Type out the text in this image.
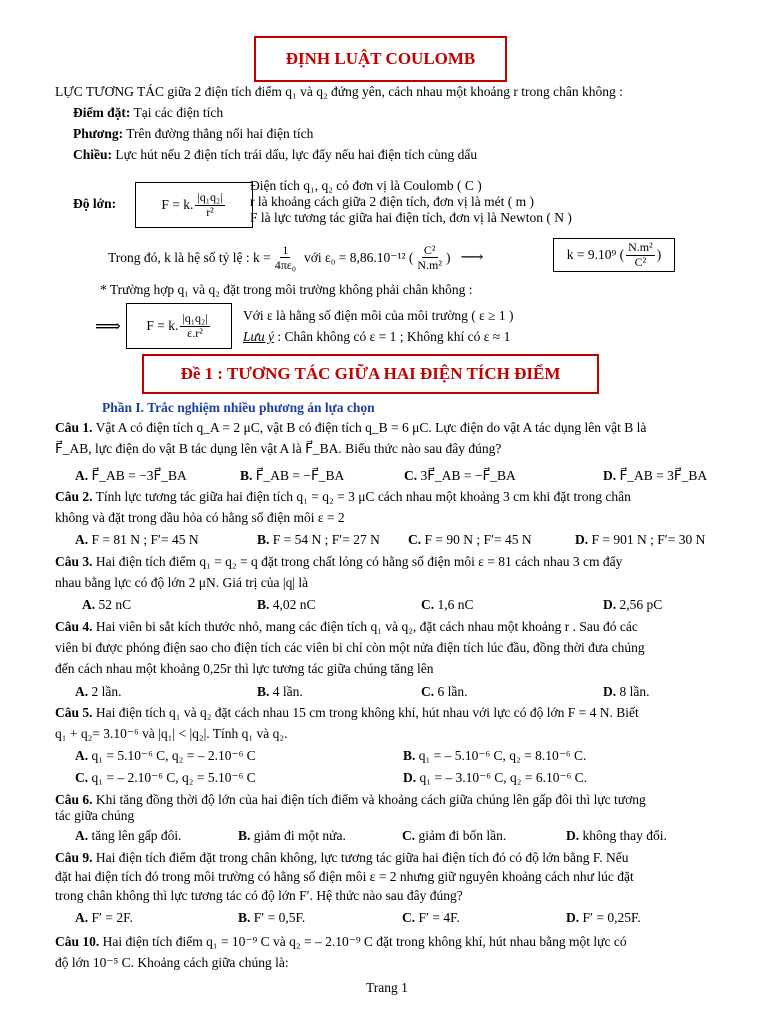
ĐỊNH LUẬT COULOMB
LỰC TƯƠNG TÁC giữa 2 điện tích điểm q₁ và q₂ đứng yên, cách nhau một khoảng r trong chân không :
Điểm đặt: Tại các điện tích
Phương: Trên đường thẳng nối hai điện tích
Chiều: Lực hút nếu 2 điện tích trái dấu, lực đẩy nếu hai điện tích cùng dấu
Độ lớn:	F = k. $\frac{\text{|q₁q₂|}}{\text{r²}}$
Điện tích q₁, q₂ có đơn vị là Coulomb ( C )
r là khoảng cách giữa 2 điện tích, đơn vị là mét ( m )
F là lực tương tác giữa hai điện tích, đơn vị là Newton ( N )
Trong đó, k là hệ số tỷ lệ : $k = \frac{1}{\text{4πε₀}}$ với ε₀ = 8,86.10⁻¹² ( $\frac{\text{C²}}{\text{N.m²}}$ ) ⟶	k = 9.10⁹ ( $\frac{\text{N.m²}}{\text{C²}}$ )
* Trường hợp q₁ và q₂ đặt trong môi trường không phải chân không :
⟹ F = k. $\frac{\text{|q₁q₂|}}{\text{ε.r²}}$ Với ε là hằng số điện môi của môi trường ( ε ≥ 1 )
Lưu ý : Chân không có ε = 1 ; Không khí có ε ≈ 1
Đề 1 : TƯƠNG TÁC GIỮA HAI ĐIỆN TÍCH ĐIỂM
Phần I. Trắc nghiệm nhiều phương án lựa chọn
Câu 1. Vật A có điện tích q_A = 2 μC, vật B có điện tích q_B = 6 μC. Lực điện do vật A tác dụng lên vật B là
F⃗_AB, lực điện do vật B tác dụng lên vật A là F⃗_BA. Biểu thức nào sau đây đúng?
A. F⃗_AB = −3F⃗_BA	B. F⃗_AB = −F⃗_BA	C. 3F⃗_AB = −F⃗_BA	D. F⃗_AB = 3F⃗_BA
Câu 2. Tính lực tương tác giữa hai điện tích q₁ = q₂ = 3 μC cách nhau một khoảng 3 cm khi đặt trong chân
không và đặt trong dầu hỏa có hằng số điện môi ε = 2
A. F = 81 N ; F′= 45 N	B. F = 54 N ; F′= 27 N C. F = 90 N ; F′= 45 N	D. F = 901 N ; F′= 30 N
Câu 3. Hai điện tích điểm q₁ = q₂ = q đặt trong chất lỏng có hằng số điện môi ε = 81 cách nhau 3 cm đẩy
nhau bằng lực có độ lớn 2 μN. Giá trị của |q| là
A. 52 nC	B. 4,02 nC	C. 1,6 nC	D. 2,56 pC
Câu 4. Hai viên bi sắt kích thước nhỏ, mang các điện tích q₁ và q₂, đặt cách nhau một khoảng r . Sau đó các
viên bi được phóng điện sao cho điện tích các viên bi chỉ còn một nửa điện tích lúc đầu, đồng thời đưa chúng
đến cách nhau một khoảng 0,25r thì lực tương tác giữa chúng tăng lên
A. 2 lần.	B. 4 lần.	C. 6 lần.	D. 8 lần.
Câu 5. Hai điện tích q₁ và q₂ đặt cách nhau 15 cm trong không khí, hút nhau với lực có độ lớn F = 4 N. Biết
q₁ + q₂= 3.10⁻⁶ và |q₁| < |q₂|. Tính q₁ và q₂.
A. q₁ = 5.10⁻⁶ C, q₂ = – 2.10⁻⁶ C	B. q₁ = – 5.10⁻⁶ C, q₂ = 8.10⁻⁶ C.
C. q₁ = – 2.10⁻⁶ C, q₂ = 5.10⁻⁶ C	D. q₁ = – 3.10⁻⁶ C, q₂ = 6.10⁻⁶ C.
Câu 6. Khi tăng đồng thời độ lớn của hai điện tích điểm và khoảng cách giữa chúng lên gấp đôi thì lực tương
tác giữa chúng
A. tăng lên gấp đôi.	B. giảm đi một nửa.	C. giảm đi bốn lần.	D. không thay đổi.
Câu 9. Hai điện tích điểm đặt trong chân không, lực tương tác giữa hai điện tích đó có độ lớn bằng F. Nếu
đặt hai điện tích đó trong môi trường có hằng số điện môi ε = 2 nhưng giữ nguyên khoảng cách như lúc đặt
trong chân không thì lực tương tác có độ lớn F′. Hệ thức nào sau đây đúng?
A. F′ = 2F.	B. F′ = 0,5F.	C. F′ = 4F.	D. F′ = 0,25F.
Câu 10. Hai điện tích điểm q₁ = 10⁻⁹ C và q₂ = – 2.10⁻⁹ C đặt trong không khí, hút nhau bằng một lực có
độ lớn 10⁻⁵ C. Khoảng cách giữa chúng là:
Trang 1
